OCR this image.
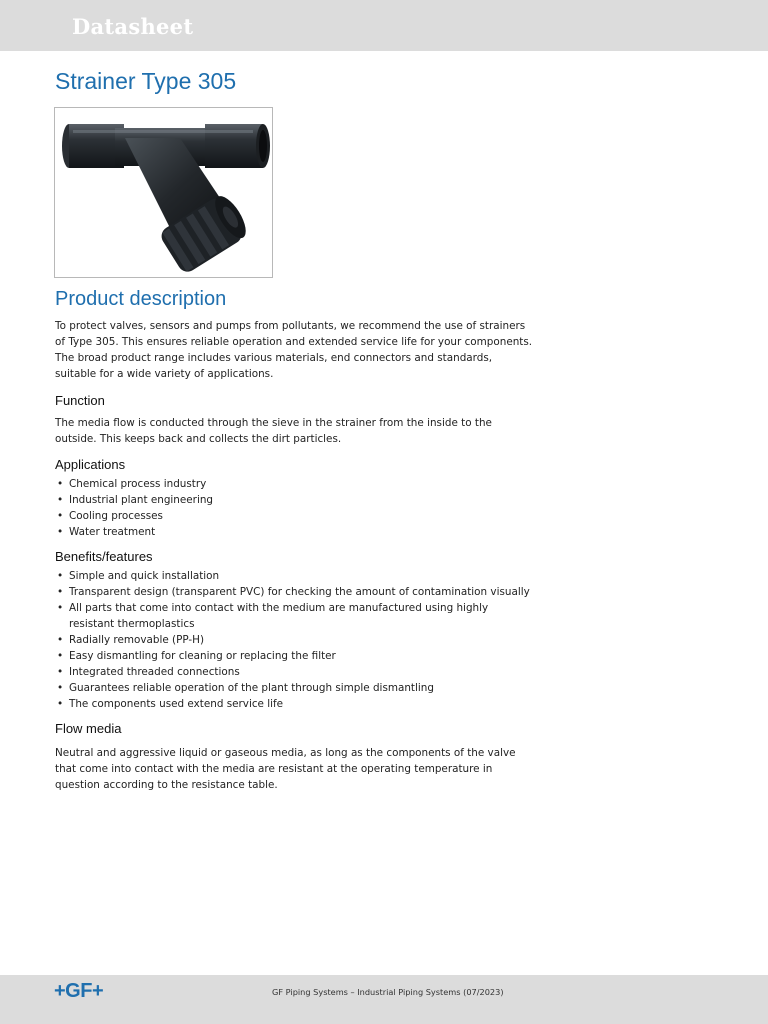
Datasheet
Strainer Type 305
Product description

To protect valves, sensors and pumps from pollutants, we recommend the use of strainers of Type 305. This ensures reliable operation and extended service life for your components. The broad product range includes various materials, end connectors and standards, suitable for a wide variety of applications.

Function

The media flow is conducted through the sieve in the strainer from the inside to the outside. This keeps back and collects the dirt particles.

Applications
• Chemical process industry
• Industrial plant engineering
• Cooling processes
• Water treatment
Benefits/features
• Simple and quick installation
• Transparent design (transparent PVC) for checking the amount of contamination visually
• All parts that come into contact with the medium are manufactured using highly resistant thermoplastics
• Radially removable (PP-H)
• Easy dismantling for cleaning or replacing the filter
• Integrated threaded connections
• Guarantees reliable operation of the plant through simple dismantling
• The components used extend service life
Flow media

Neutral and aggressive liquid or gaseous media, as long as the components of the valve that come into contact with the media are resistant at the operating temperature in question according to the resistance table.

+GF+	GF Piping Systems – Industrial Piping Systems (07/2023)
